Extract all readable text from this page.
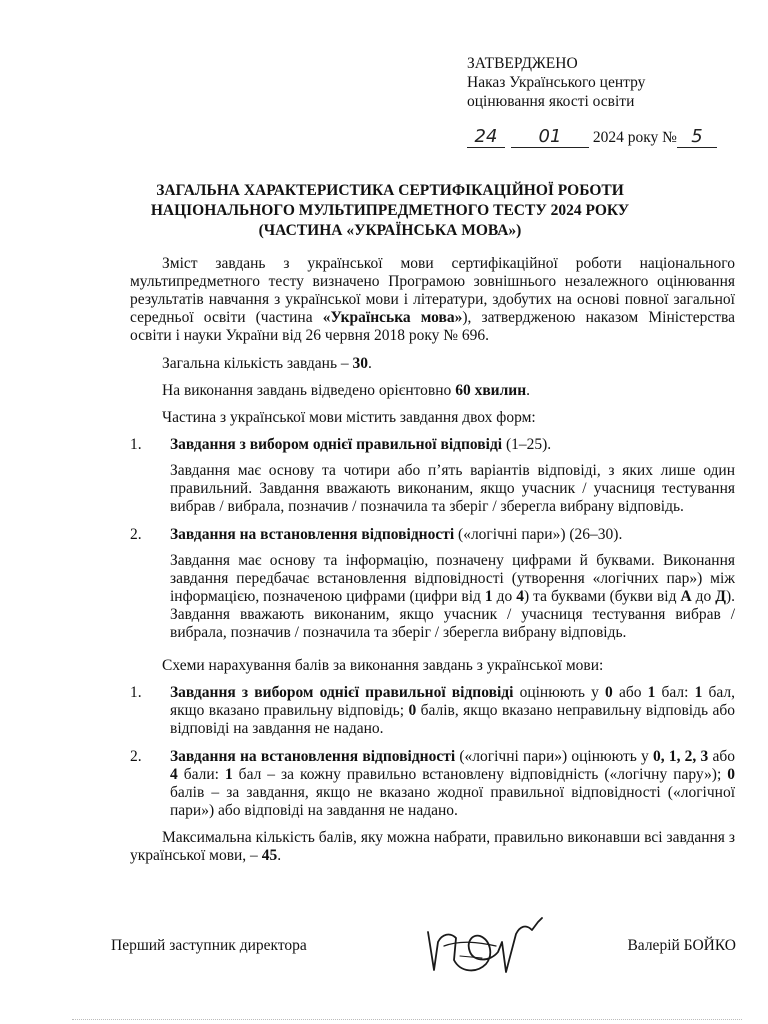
ЗАТВЕРДЖЕНО
Наказ Українського центру
оцінювання якості освіти
24 01 2024 року № 5
ЗАГАЛЬНА ХАРАКТЕРИСТИКА СЕРТИФІКАЦІЙНОЇ РОБОТИ
НАЦІОНАЛЬНОГО МУЛЬТИПРЕДМЕТНОГО ТЕСТУ 2024 РОКУ
(ЧАСТИНА «УКРАЇНСЬКА МОВА»)

Зміст завдань з української мови сертифікаційної роботи національного мультипредметного тесту визначено Програмою зовнішнього незалежного оцінювання результатів навчання з української мови і літератури, здобутих на основі повної загальної середньої освіти (частина «Українська мова»), затвердженою наказом Міністерства освіти і науки України від 26 червня 2018 року № 696.

Загальна кількість завдань – 30.

На виконання завдань відведено орієнтовно 60 хвилин.

Частина з української мови містить завдання двох форм:

1. Завдання з вибором однієї правильної відповіді (1–25).

Завдання має основу та чотири або п’ять варіантів відповіді, з яких лише один правильний. Завдання вважають виконаним, якщо учасник / учасниця тестування вибрав / вибрала, позначив / позначила та зберіг / зберегла вибрану відповідь.

2. Завдання на встановлення відповідності («логічні пари») (26–30).

Завдання має основу та інформацію, позначену цифрами й буквами. Виконання завдання передбачає встановлення відповідності (утворення «логічних пар») між інформацією, позначеною цифрами (цифри від 1 до 4) та буквами (букви від А до Д). Завдання вважають виконаним, якщо учасник / учасниця тестування вибрав / вибрала, позначив / позначила та зберіг / зберегла вибрану відповідь.

Схеми нарахування балів за виконання завдань з української мови:

1. Завдання з вибором однієї правильної відповіді оцінюють у 0 або 1 бал: 1 бал, якщо вказано правильну відповідь; 0 балів, якщо вказано неправильну відповідь або відповіді на завдання не надано.
2. Завдання на встановлення відповідності («логічні пари») оцінюють у 0, 1, 2, 3 або 4 бали: 1 бал – за кожну правильно встановлену відповідність («логічну пару»); 0 балів – за завдання, якщо не вказано жодної правильної відповідності («логічної пари») або відповіді на завдання не надано.

Максимальна кількість балів, яку можна набрати, правильно виконавши всі завдання з української мови, – 45.

Перший заступник директора	Валерій БОЙКО
